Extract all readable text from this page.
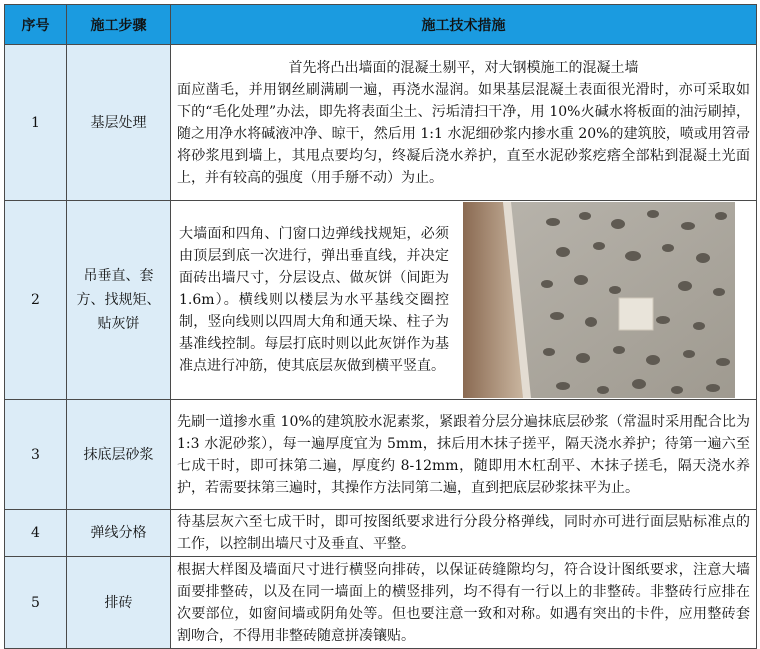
序号	施工步骤	施工技术措施
1	基层处理	首先将凸出墙面的混凝土剔平，对大钢模施工的混凝土墙

面应凿毛，并用钢丝刷满刷一遍，再浇水湿润。如果基层混凝土表面很光滑时，亦可采取如下的“毛化处理”办法，即先将表面尘土、污垢清扫干净，用 10%火碱水将板面的油污刷掉，随之用净水将碱液冲净、晾干，然后用 1:1 水泥细砂浆内掺水重 20%的建筑胶，喷或用笤帚将砂浆甩到墙上，其甩点要均匀，终凝后浇水养护，直至水泥砂浆疙瘩全部粘到混凝土光面上，并有较高的强度（用手掰不动）为止。

2	吊垂直、套方、找规矩、贴灰饼	大墙面和四角、门窗口边弹线找规矩，必须由顶层到底一次进行，弹出垂直线，并决定面砖出墙尺寸，分层设点、做灰饼（间距为 1.6m）。横线则以楼层为水平基线交圈控制，竖向线则以四周大角和通天垛、柱子为基准线控制。每层打底时则以此灰饼作为基准点进行冲筋，使其底层灰做到横平竖直。

3	抹底层砂浆	先刷一道掺水重 10%的建筑胶水泥素浆，紧跟着分层分遍抹底层砂浆（常温时采用配合比为 1:3 水泥砂浆），每一遍厚度宜为 5mm，抹后用木抹子搓平，隔天浇水养护；待第一遍六至七成干时，即可抹第二遍，厚度约 8-12mm，随即用木杠刮平、木抹子搓毛，隔天浇水养护，若需要抹第三遍时，其操作方法同第二遍，直到把底层砂浆抹平为止。

4	弹线分格	待基层灰六至七成干时，即可按图纸要求进行分段分格弹线，同时亦可进行面层贴标准点的工作，以控制出墙尺寸及垂直、平整。

5	排砖	根据大样图及墙面尺寸进行横竖向排砖，以保证砖缝隙均匀，符合设计图纸要求，注意大墙面要排整砖，以及在同一墙面上的横竖排列，均不得有一行以上的非整砖。非整砖行应排在次要部位，如窗间墙或阴角处等。但也要注意一致和对称。如遇有突出的卡件，应用整砖套割吻合，不得用非整砖随意拼凑镶贴。
